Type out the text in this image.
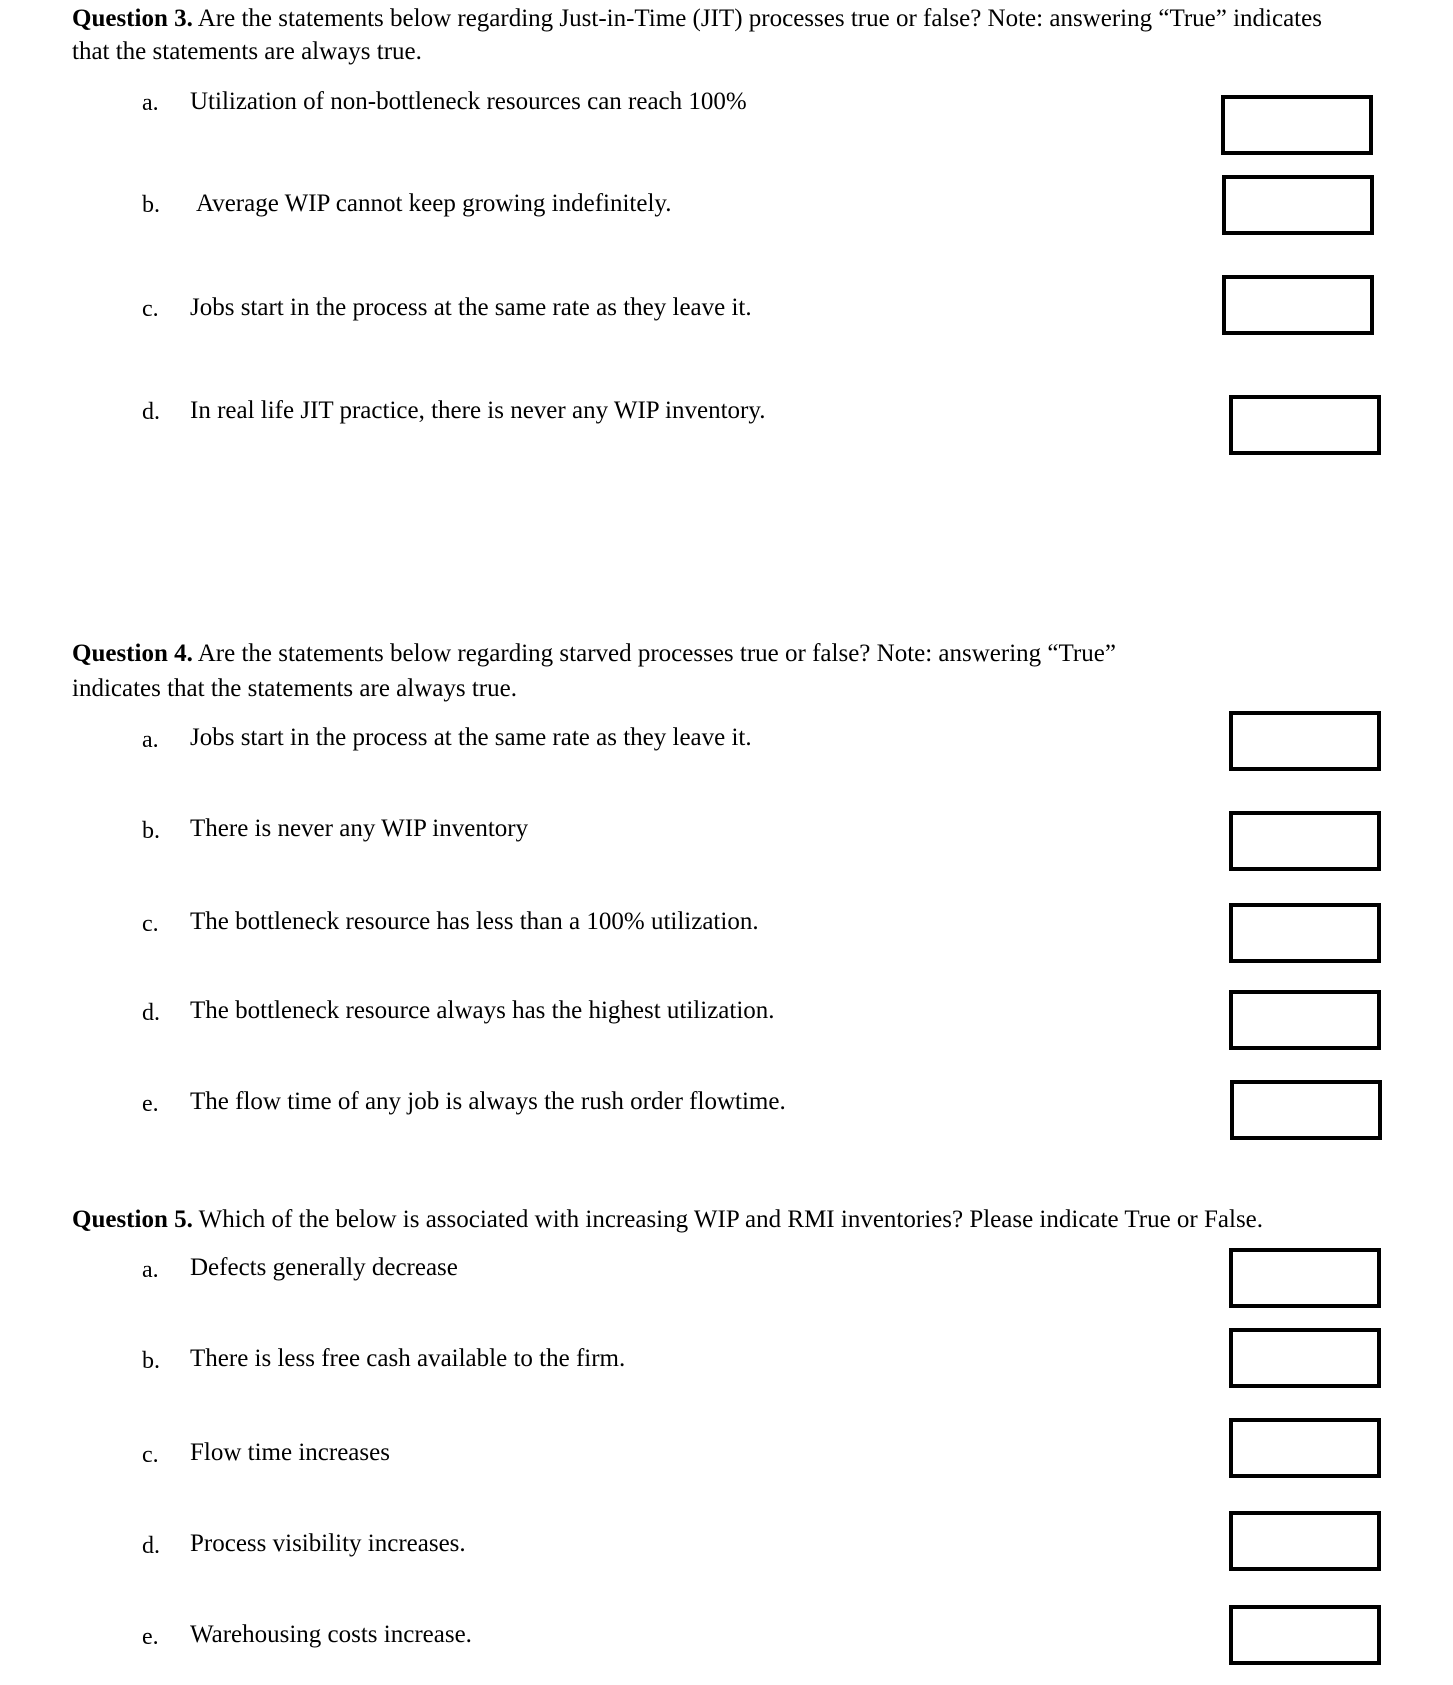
Question 3. Are the statements below regarding Just-in-Time (JIT) processes true or false? Note: answering “True” indicates
that the statements are always true.
a. Utilization of non-bottleneck resources can reach 100%
b. Average WIP cannot keep growing indefinitely.
c. Jobs start in the process at the same rate as they leave it.
d. In real life JIT practice, there is never any WIP inventory.
Question 4. Are the statements below regarding starved processes true or false? Note: answering “True”
indicates that the statements are always true.
a. Jobs start in the process at the same rate as they leave it.
b. There is never any WIP inventory
c. The bottleneck resource has less than a 100% utilization.
d. The bottleneck resource always has the highest utilization.
e. The flow time of any job is always the rush order flowtime.
Question 5. Which of the below is associated with increasing WIP and RMI inventories? Please indicate True or False.
a. Defects generally decrease
b. There is less free cash available to the firm.
c. Flow time increases
d. Process visibility increases.
e. Warehousing costs increase.
